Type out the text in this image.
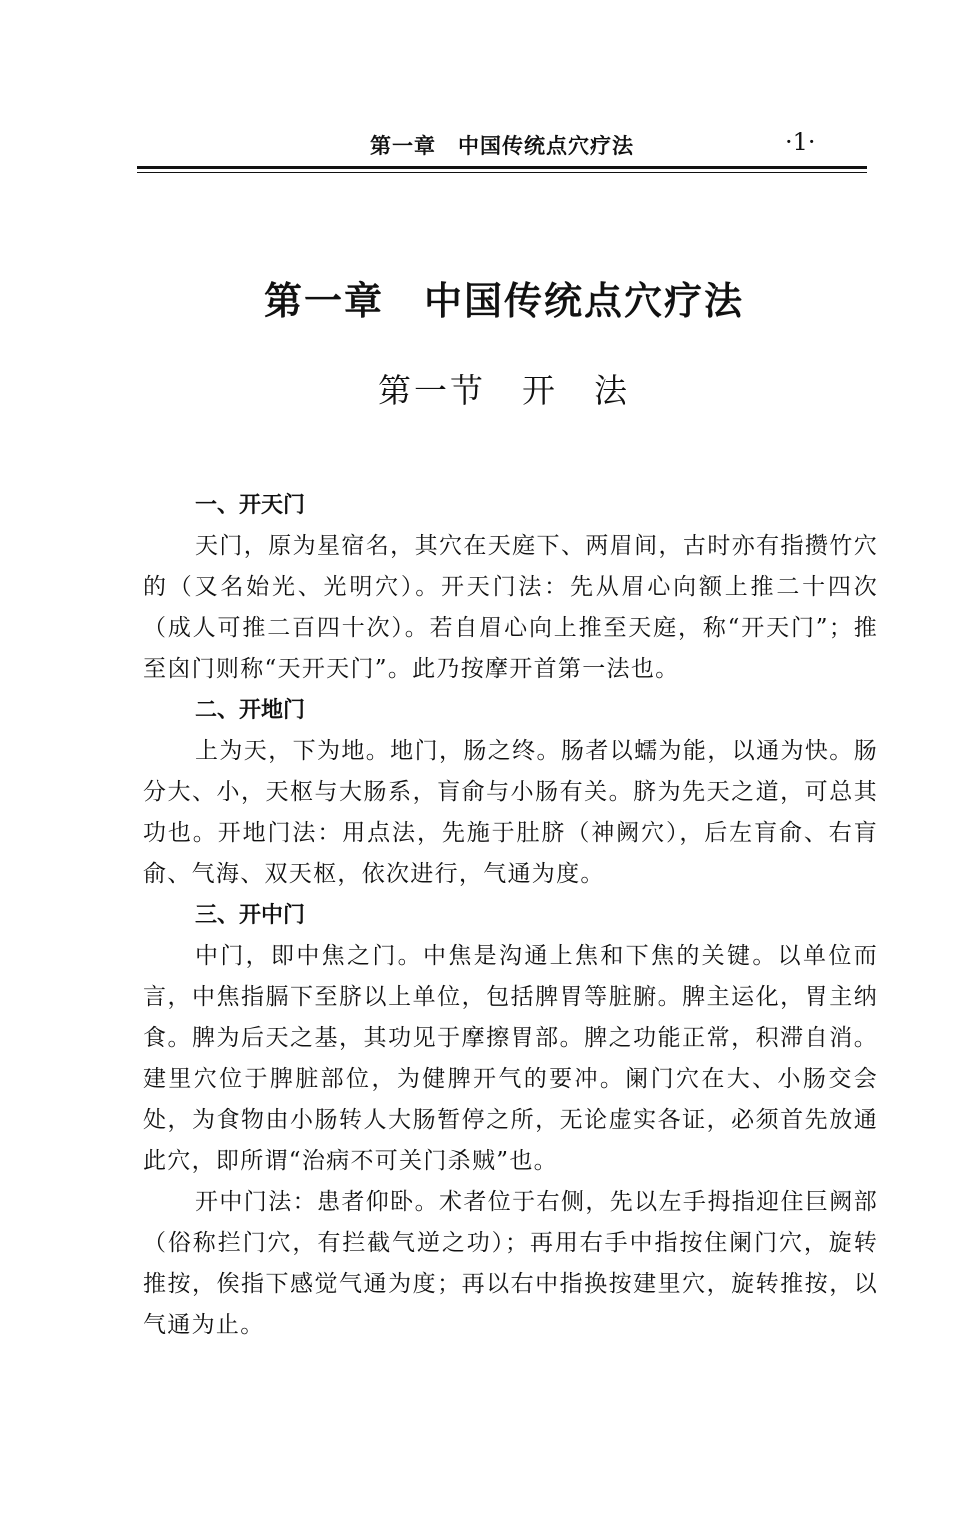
第一章　中国传统点穴疗法	·1·
第一章　中国传统点穴疗法
第一节　开　法

一、开天门

天门，原为星宿名，其穴在天庭下、两眉间，古时亦有指攒竹穴的（又名始光、光明穴）。开天门法：先从眉心向额上推二十四次（成人可推二百四十次）。若自眉心向上推至天庭，称“开天门”；推至囟门则称“天开天门”。此乃按摩开首第一法也。

二、开地门

上为天，下为地。地门，肠之终。肠者以蠕为能，以通为快。肠 分大、小，天枢与大肠系，肓俞与小肠有关。脐为先天之道，可总其功也。开地门法：用点法，先施于肚脐（神阙穴），后左肓俞、右肓俞、气海、双天枢，依次进行，气通为度。

三、开中门

中门，即中焦之门。中焦是沟通上焦和下焦的关键。以单位而言，中焦指膈下至脐以上单位，包括脾胃等脏腑。脾主运化，胃主纳食。脾为后天之基，其功见于摩擦胃部。脾之功能正常，积滞自消。建里穴位于脾脏部位，为健脾开气的要冲。阑门穴在大、小肠交会处，为食物由小肠转人大肠暂停之所，无论虚实各证，必须首先放通此穴，即所谓“治病不可关门杀贼”也。

开中门法：患者仰卧。术者位于右侧，先以左手拇指迎住巨阙部（俗称拦门穴，有拦截气逆之功）；再用右手中指按住阑门穴，旋转推按，俟指下感觉气通为度；再以右中指换按建里穴，旋转推按，以气通为止。
